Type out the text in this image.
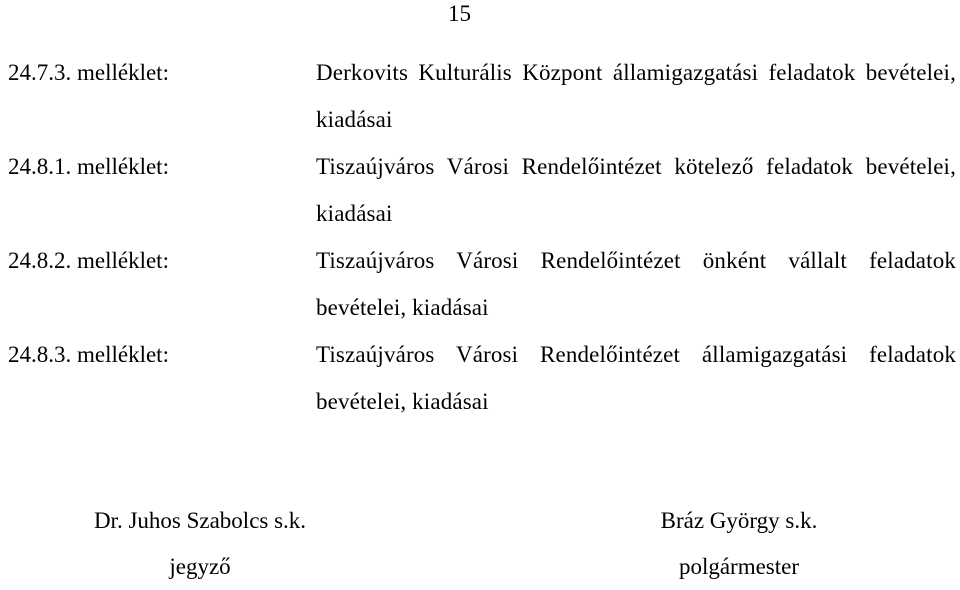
15
24.7.3. melléklet:	Derkovits Kulturális Központ államigazgatási feladatok bevételei, kiadásai
24.8.1. melléklet:	Tiszaújváros Városi Rendelőintézet kötelező feladatok bevételei, kiadásai
24.8.2. melléklet:	Tiszaújváros Városi Rendelőintézet önként vállalt feladatok bevételei, kiadásai
24.8.3. melléklet:	Tiszaújváros Városi Rendelőintézet államigazgatási feladatok bevételei, kiadásai
Dr. Juhos Szabolcs s.k.
jegyző
Bráz György s.k.
polgármester
